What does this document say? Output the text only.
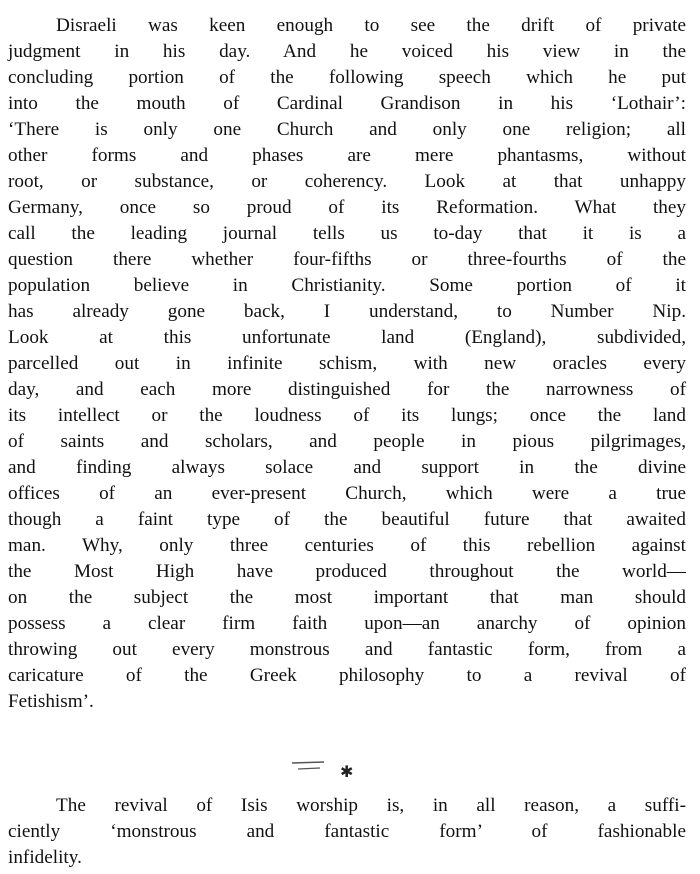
Disraeli was keen enough to see the drift of private
judgment in his day. And he voiced his view in the
concluding portion of the following speech which he put
into the mouth of Cardinal Grandison in his ‘Lothair’:
‘There is only one Church and only one religion; all
other forms and phases are mere phantasms, without
root, or substance, or coherency. Look at that unhappy
Germany, once so proud of its Reformation. What they
call the leading journal tells us to-day that it is a
question there whether four-fifths or three-fourths of the
population believe in Christianity. Some portion of it
has already gone back, I understand, to Number Nip.
Look at this unfortunate land (England), subdivided,
parcelled out in infinite schism, with new oracles every
day, and each more distinguished for the narrowness of
its intellect or the loudness of its lungs; once the land
of saints and scholars, and people in pious pilgrimages,
and finding always solace and support in the divine
offices of an ever-present Church, which were a true
though a faint type of the beautiful future that awaited
man. Why, only three centuries of this rebellion against
the Most High have produced throughout the world—
on the subject the most important that man should
possess a clear firm faith upon—an anarchy of opinion
throwing out every monstrous and fantastic form, from a
caricature of the Greek philosophy to a revival of
Fetishism’.
✱
The revival of Isis worship is, in all reason, a suffi-
ciently ‘monstrous and fantastic form’ of fashionable
infidelity.
